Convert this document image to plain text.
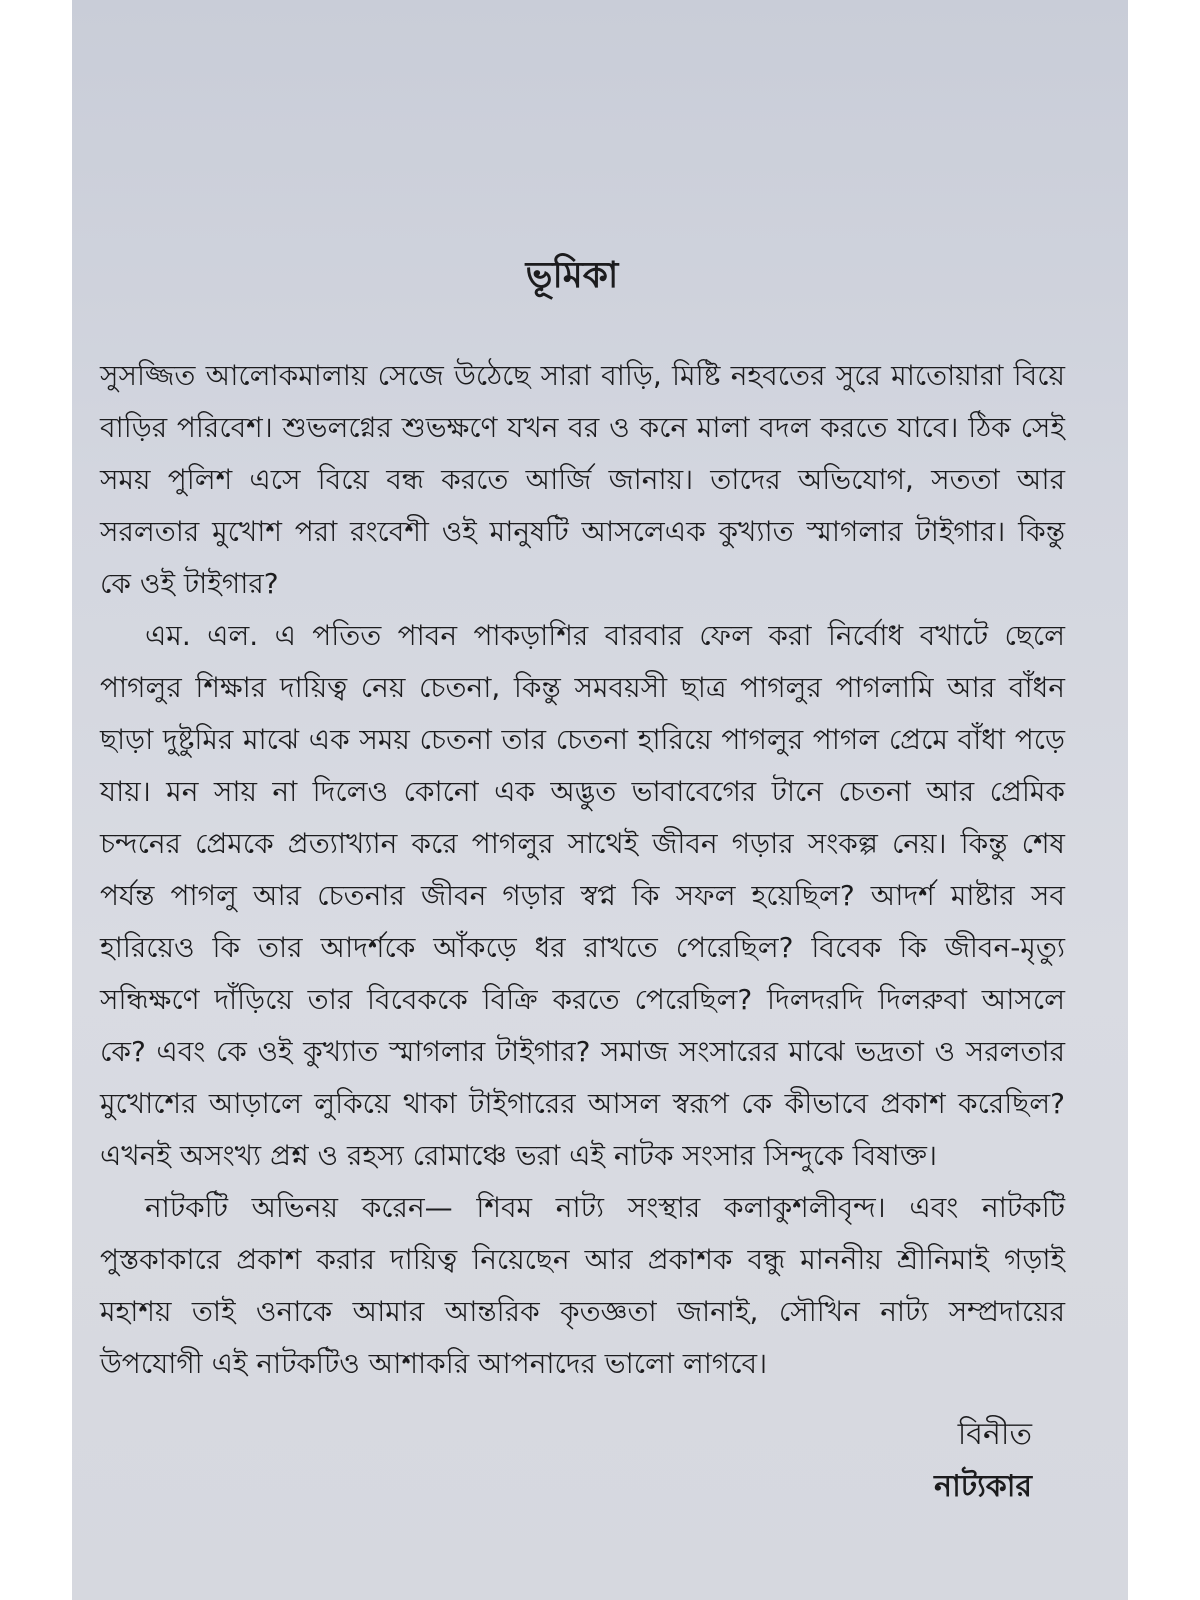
ভূমিকা

সুসজ্জিত আলোকমালায় সেজে উঠেছে সারা বাড়ি, মিষ্টি নহবতের সুরে মাতোয়ারা বিয়ে বাড়ির পরিবেশ। শুভলগ্নের শুভক্ষণে যখন বর ও কনে মালা বদল করতে যাবে। ঠিক সেই সময় পুলিশ এসে বিয়ে বন্ধ করতে আর্জি জানায়। তাদের অভিযোগ, সততা আর সরলতার মুখোশ পরা রংবেশী ওই মানুষটি আসলেএক কুখ্যাত স্মাগলার টাইগার। কিন্তু কে ওই টাইগার?

এম. এল. এ পতিত পাবন পাকড়াশির বারবার ফেল করা নির্বোধ বখাটে ছেলে পাগলুর শিক্ষার দায়িত্ব নেয় চেতনা, কিন্তু সমবয়সী ছাত্র পাগলুর পাগলামি আর বাঁধন ছাড়া দুষ্টুমির মাঝে এক সময় চেতনা তার চেতনা হারিয়ে পাগলুর পাগল প্রেমে বাঁধা পড়ে যায়। মন সায় না দিলেও কোনো এক অদ্ভুত ভাবাবেগের টানে চেতনা আর প্রেমিক চন্দনের প্রেমকে প্রত্যাখ্যান করে পাগলুর সাথেই জীবন গড়ার সংকল্প নেয়। কিন্তু শেষ পর্যন্ত পাগলু আর চেতনার জীবন গড়ার স্বপ্ন কি সফল হয়েছিল? আদর্শ মাষ্টার সব হারিয়েও কি তার আদর্শকে আঁকড়ে ধর রাখতে পেরেছিল? বিবেক কি জীবন-মৃত্যু সন্ধিক্ষণে দাঁড়িয়ে তার বিবেককে বিক্রি করতে পেরেছিল? দিলদরদি দিলরুবা আসলে কে? এবং কে ওই কুখ্যাত স্মাগলার টাইগার? সমাজ সংসারের মাঝে ভদ্রতা ও সরলতার মুখোশের আড়ালে লুকিয়ে থাকা টাইগারের আসল স্বরূপ কে কীভাবে প্রকাশ করেছিল? এখনই অসংখ্য প্রশ্ন ও রহস্য রোমাঞ্চে ভরা এই নাটক সংসার সিন্দুকে বিষাক্ত।

নাটকটি অভিনয় করেন— শিবম নাট্য সংস্থার কলাকুশলীবৃন্দ। এবং নাটকটি পুস্তকাকারে প্রকাশ করার দায়িত্ব নিয়েছেন আর প্রকাশক বন্ধু মাননীয় শ্রীনিমাই গড়াই মহাশয় তাই ওনাকে আমার আন্তরিক কৃতজ্ঞতা জানাই, সৌখিন নাট্য সম্প্রদায়ের উপযোগী এই নাটকটিও আশাকরি আপনাদের ভালো লাগবে।

বিনীত
নাট্যকার
